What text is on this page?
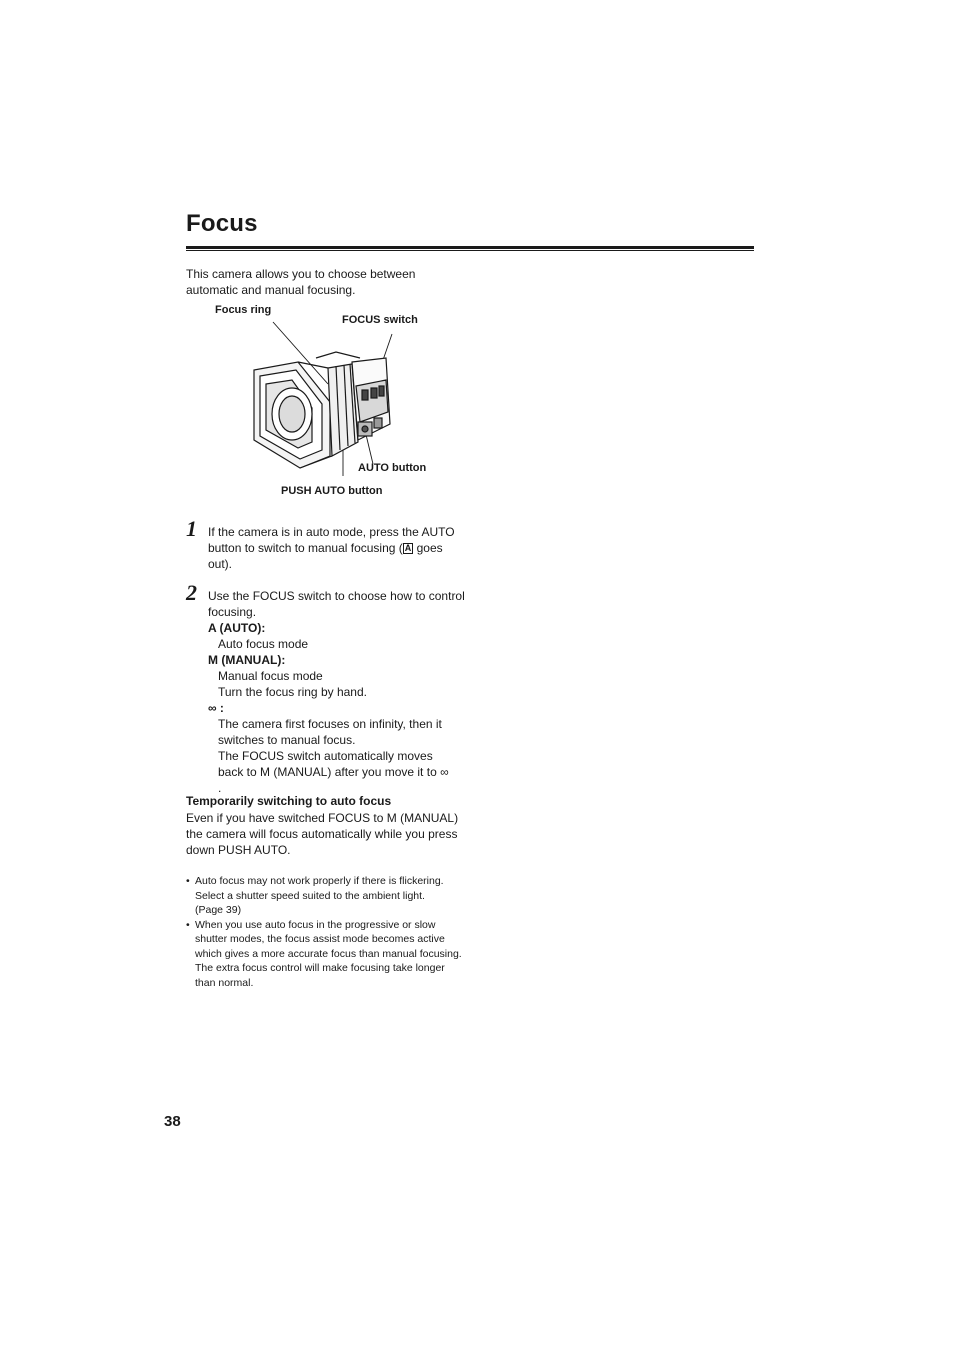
Focus
This camera allows you to choose between automatic and manual focusing.
Focus ring
FOCUS switch
AUTO button
PUSH AUTO button
1 If the camera is in auto mode, press the AUTO button to switch to manual focusing ( A goes out).
2 Use the FOCUS switch to choose how to control focusing.
A (AUTO):
Auto focus mode
M (MANUAL):
Manual focus mode
Turn the focus ring by hand.
∞ :
The camera first focuses on infinity, then it switches to manual focus.
The FOCUS switch automatically moves back to M (MANUAL) after you move it to ∞ .
Temporarily switching to auto focus
Even if you have switched FOCUS to M (MANUAL) the camera will focus automatically while you press down PUSH AUTO.
• Auto focus may not work properly if there is flickering.
Select a shutter speed suited to the ambient light.
(Page 39)
• When you use auto focus in the progressive or slow shutter modes, the focus assist mode becomes active which gives a more accurate focus than manual focusing.
The extra focus control will make focusing take longer than normal.
38
